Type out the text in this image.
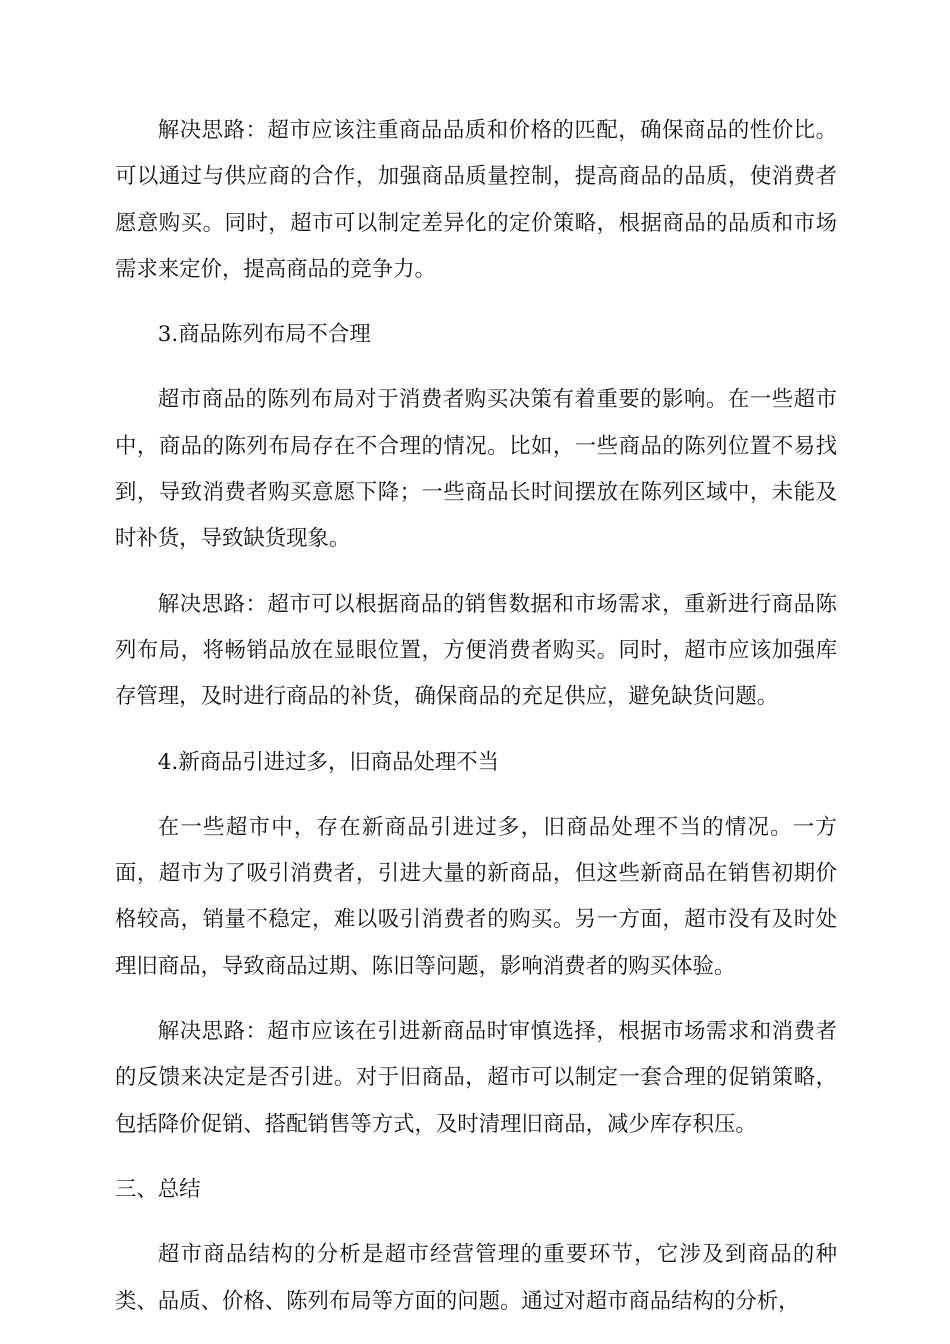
解决思路：超市应该注重商品品质和价格的匹配，确保商品的性价比。可以通过与供应商的合作，加强商品质量控制，提高商品的品质，使消费者愿意购买。同时，超市可以制定差异化的定价策略，根据商品的品质和市场需求来定价，提高商品的竞争力。

3.商品陈列布局不合理

超市商品的陈列布局对于消费者购买决策有着重要的影响。在一些超市中，商品的陈列布局存在不合理的情况。比如，一些商品的陈列位置不易找到，导致消费者购买意愿下降；一些商品长时间摆放在陈列区域中，未能及时补货，导致缺货现象。

解决思路：超市可以根据商品的销售数据和市场需求，重新进行商品陈列布局，将畅销品放在显眼位置，方便消费者购买。同时，超市应该加强库存管理，及时进行商品的补货，确保商品的充足供应，避免缺货问题。

4.新商品引进过多，旧商品处理不当

在一些超市中，存在新商品引进过多，旧商品处理不当的情况。一方面，超市为了吸引消费者，引进大量的新商品，但这些新商品在销售初期价格较高，销量不稳定，难以吸引消费者的购买。另一方面，超市没有及时处理旧商品，导致商品过期、陈旧等问题，影响消费者的购买体验。

解决思路：超市应该在引进新商品时审慎选择，根据市场需求和消费者的反馈来决定是否引进。对于旧商品，超市可以制定一套合理的促销策略，包括降价促销、搭配销售等方式，及时清理旧商品，减少库存积压。

三、总结

超市商品结构的分析是超市经营管理的重要环节，它涉及到商品的种类、品质、价格、陈列布局等方面的问题。通过对超市商品结构的分析，
